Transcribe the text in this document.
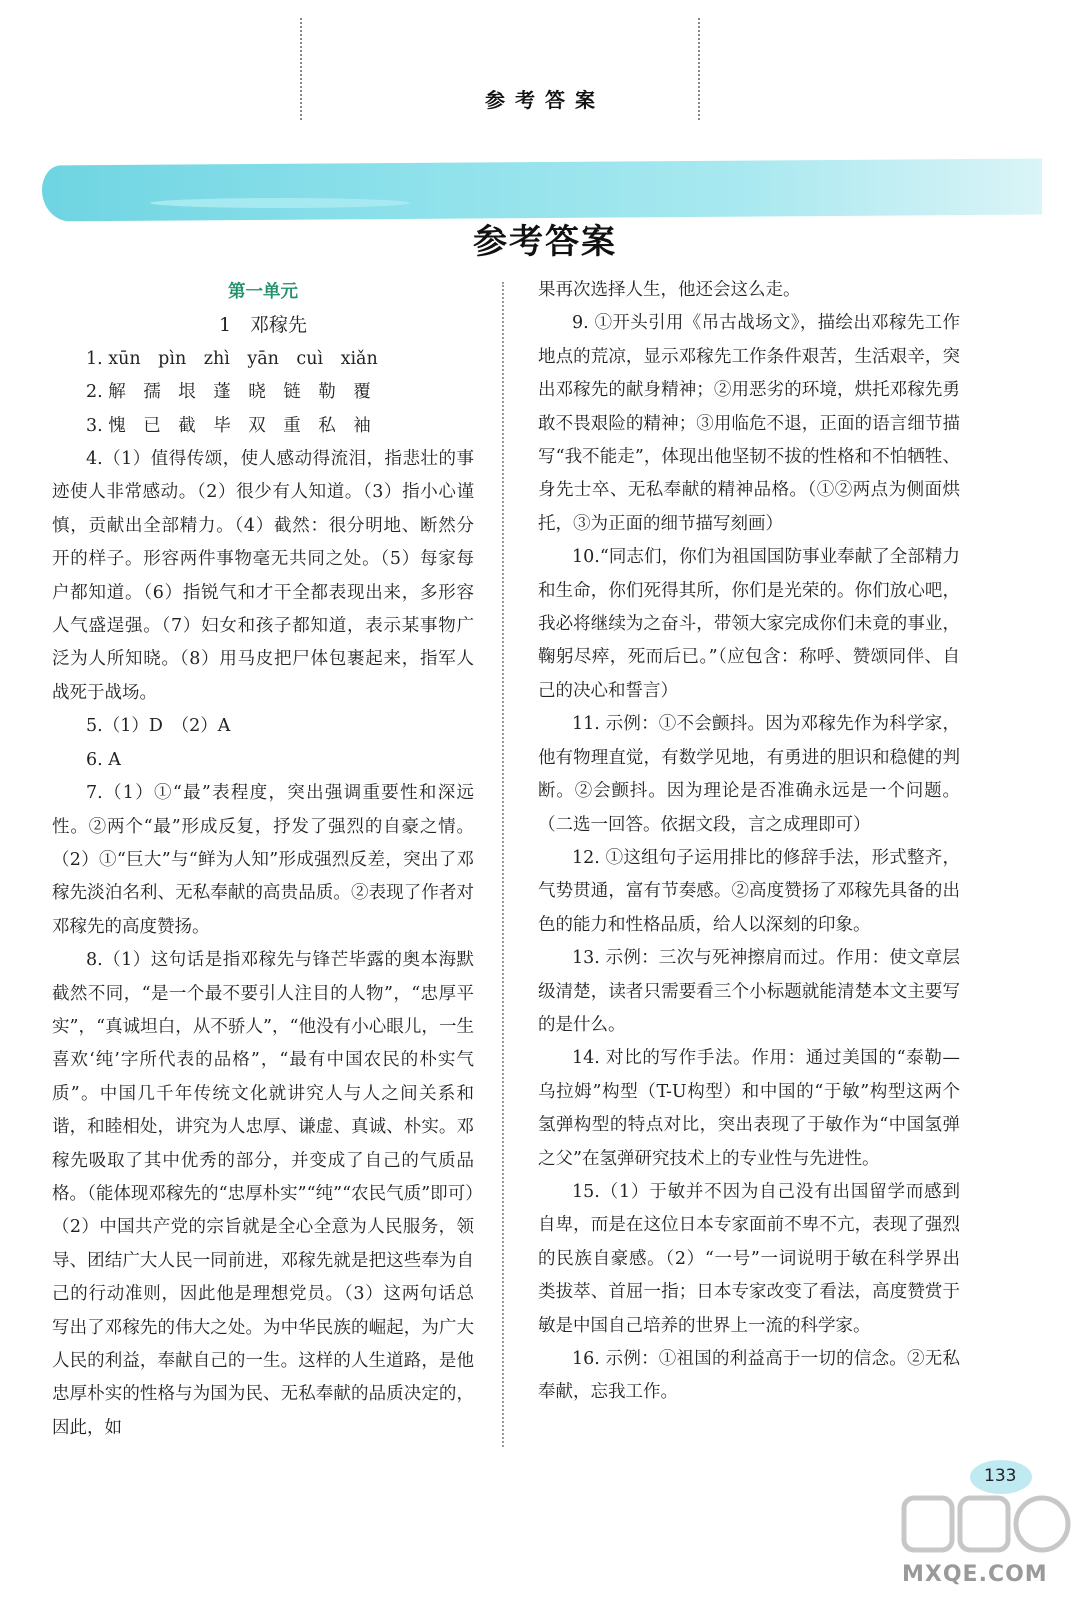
参考答案
参考答案

第一单元

1　邓稼先

1. xūn　pìn　zhì　yān　cuì　xiǎn

2. 解　孺　垠　蓬　晓　链　勒　覆

3. 愧　已　截　毕　双　重　私　袖

4.（1）值得传颂，使人感动得流泪，指悲壮的事迹使人非常感动。（2）很少有人知道。（3）指小心谨慎，贡献出全部精力。（4）截然：很分明地、断然分开的样子。形容两件事物毫无共同之处。（5）每家每户都知道。（6）指锐气和才干全都表现出来，多形容人气盛逞强。（7）妇女和孩子都知道，表示某事物广泛为人所知晓。（8）用马皮把尸体包裹起来，指军人战死于战场。

5.（1）D　（2）A

6. A

7.（1）①“最”表程度，突出强调重要性和深远性。②两个“最”形成反复，抒发了强烈的自豪之情。（2）①“巨大”与“鲜为人知”形成强烈反差，突出了邓稼先淡泊名利、无私奉献的高贵品质。②表现了作者对邓稼先的高度赞扬。

8.（1）这句话是指邓稼先与锋芒毕露的奥本海默截然不同，“是一个最不要引人注目的人物”，“忠厚平实”，“真诚坦白，从不骄人”，“他没有小心眼儿，一生喜欢‘纯’字所代表的品格”，“最有中国农民的朴实气质”。中国几千年传统文化就讲究人与人之间关系和谐，和睦相处，讲究为人忠厚、谦虚、真诚、朴实。邓稼先吸取了其中优秀的部分，并变成了自己的气质品格。（能体现邓稼先的“忠厚朴实”“纯”“农民气质”即可）（2）中国共产党的宗旨就是全心全意为人民服务，领导、团结广大人民一同前进，邓稼先就是把这些奉为自己的行动准则，因此他是理想党员。（3）这两句话总写出了邓稼先的伟大之处。为中华民族的崛起，为广大人民的利益，奉献自己的一生。这样的人生道路，是他忠厚朴实的性格与为国为民、无私奉献的品质决定的，因此，如

果再次选择人生，他还会这么走。

9. ①开头引用《吊古战场文》，描绘出邓稼先工作地点的荒凉，显示邓稼先工作条件艰苦，生活艰辛，突出邓稼先的献身精神；②用恶劣的环境，烘托邓稼先勇敢不畏艰险的精神；③用临危不退，正面的语言细节描写“我不能走”，体现出他坚韧不拔的性格和不怕牺牲、身先士卒、无私奉献的精神品格。（①②两点为侧面烘托，③为正面的细节描写刻画）

10.“同志们，你们为祖国国防事业奉献了全部精力和生命，你们死得其所，你们是光荣的。你们放心吧，我必将继续为之奋斗，带领大家完成你们未竟的事业，鞠躬尽瘁，死而后已。”（应包含：称呼、赞颂同伴、自己的决心和誓言）

11. 示例：①不会颤抖。因为邓稼先作为科学家，他有物理直觉，有数学见地，有勇进的胆识和稳健的判断。②会颤抖。因为理论是否准确永远是一个问题。（二选一回答。依据文段，言之成理即可）

12. ①这组句子运用排比的修辞手法，形式整齐，气势贯通，富有节奏感。②高度赞扬了邓稼先具备的出色的能力和性格品质，给人以深刻的印象。

13. 示例：三次与死神擦肩而过。作用：使文章层级清楚，读者只需要看三个小标题就能清楚本文主要写的是什么。

14. 对比的写作手法。作用：通过美国的“泰勒—乌拉姆”构型（T-U构型）和中国的“于敏”构型这两个氢弹构型的特点对比，突出表现了于敏作为“中国氢弹之父”在氢弹研究技术上的专业性与先进性。

15.（1）于敏并不因为自己没有出国留学而感到自卑，而是在这位日本专家面前不卑不亢，表现了强烈的民族自豪感。（2）“一号”一词说明于敏在科学界出类拔萃、首屈一指；日本专家改变了看法，高度赞赏于敏是中国自己培养的世界上一流的科学家。

16. 示例：①祖国的利益高于一切的信念。②无私奉献，忘我工作。

133
MXQE.COM
